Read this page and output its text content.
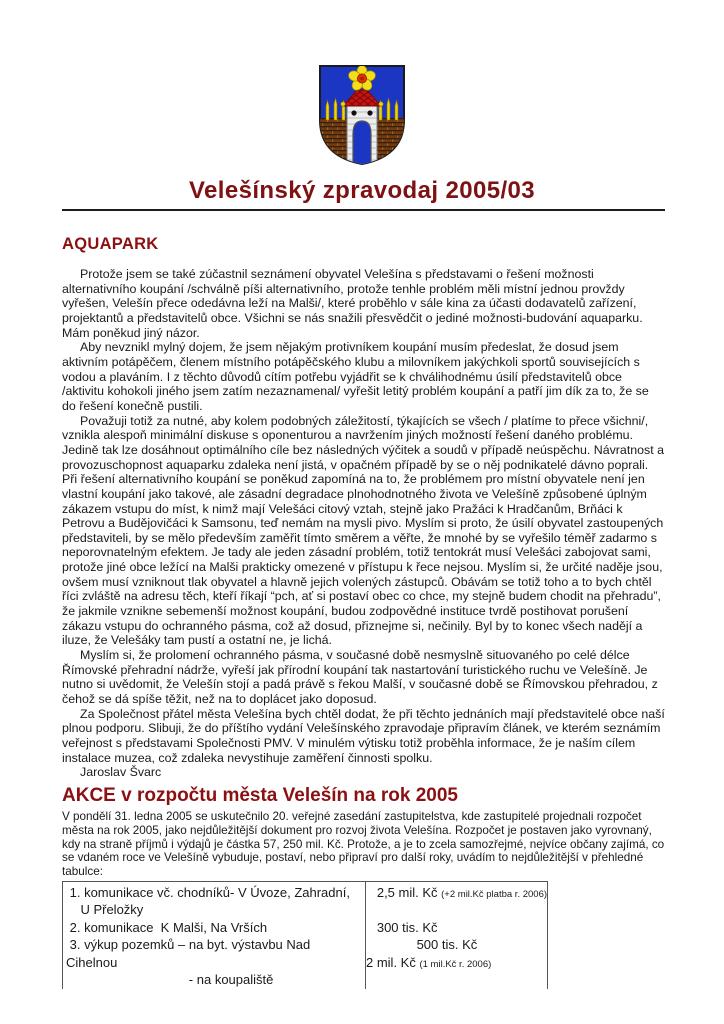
Velešínský zpravodaj 2005/03
AQUAPARK

Protože jsem se také zúčastnil seznámení obyvatel Velešína s představami o řešení možnosti alternativního koupání /schválně píši alternativního, protože tenhle problém měli místní jednou provždy vyřešen, Velešín přece odedávna leží na Malši/, které proběhlo v sále kina za účasti dodavatelů zařízení, projektantů a představitelů obce. Všichni se nás snažili přesvědčit o jediné možnosti-budování aquaparku. Mám poněkud jiný názor.

Aby nevznikl mylný dojem, že jsem nějakým protivníkem koupání musím předeslat, že dosud jsem aktivním potápěčem, členem místního potápěčského klubu a milovníkem jakýchkoli sportů souvisejících s vodou a plaváním. I z těchto důvodů cítím potřebu vyjádřit se k chválihodnému úsilí představitelů obce /aktivitu kohokoli jiného jsem zatím nezaznamenal/ vyřešit letitý problém koupání a patří jim dík za to, že se do řešení konečně pustili.

Považuji totiž za nutné, aby kolem podobných záležitostí, týkajících se všech / platíme to přece všichni/, vznikla alespoň minimální diskuse s oponenturou a navržením jiných možností řešení daného problému. Jedině tak lze dosáhnout optimálního cíle bez následných výčitek a soudů v případě neúspěchu. Návratnost a provozuschopnost aquaparku zdaleka není jistá, v opačném případě by se o něj podnikatelé dávno poprali. Při řešení alternativního koupání se poněkud zapomíná na to, že problémem pro místní obyvatele není jen vlastní koupání jako takové, ale zásadní degradace plnohodnotného života ve Velešíně způsobené úplným zákazem vstupu do míst, k nimž mají Velešáci citový vztah, stejně jako Pražáci k Hradčanům, Brňáci k Petrovu a Budějovičáci k Samsonu, teď nemám na mysli pivo. Myslím si proto, že úsilí obyvatel zastoupených představiteli, by se mělo především zaměřit tímto směrem a věřte, že mnohé by se vyřešilo téměř zadarmo s neporovnatelným efektem. Je tady ale jeden zásadní problém, totiž tentokrát musí Velešáci zabojovat sami, protože jiné obce ležící na Malši prakticky omezené v přístupu k řece nejsou. Myslím si, že určité naděje jsou, ovšem musí vzniknout tlak obyvatel a hlavně jejich volených zástupců. Obávám se totiž toho a to bych chtěl říci zvláště na adresu těch, kteří říkají “pch, ať si postaví obec co chce, my stejně budem chodit na přehradu”, že jakmile vznikne sebemenší možnost koupání, budou zodpovědné instituce tvrdě postihovat porušení zákazu vstupu do ochranného pásma, což až dosud, přiznejme si, nečinily. Byl by to konec všech nadějí a iluze, že Velešáky tam pustí a ostatní ne, je lichá.

Myslím si, že prolomení ochranného pásma, v současné době nesmyslně situovaného po celé délce Římovské přehradní nádrže, vyřeší jak přírodní koupání tak nastartování turistického ruchu ve Velešíně. Je nutno si uvědomit, že Velešín stojí a padá právě s řekou Malší, v současné době se Římovskou přehradou, z čehož se dá spíše těžit, než na to doplácet jako doposud.

Za Společnost přátel města Velešína bych chtěl dodat, že při těchto jednáních mají představitelé obce naší plnou podporu. Slibuji, že do příštího vydání Velešínského zpravodaje připravím článek, ve kterém seznámím veřejnost s představami Společnosti PMV. V minulém výtisku totiž proběhla informace, že je naším cílem instalace muzea, což zdaleka nevystihuje zaměření činnosti spolku.

Jaroslav Švarc

AKCE v rozpočtu města Velešín na rok 2005

V pondělí 31. ledna 2005 se uskutečnilo 20. veřejné zasedání zastupitelstva, kde zastupitelé projednali rozpočet města na rok 2005, jako nejdůležitější dokument pro rozvoj života Velešína. Rozpočet je postaven jako vyrovnaný, kdy na straně příjmů i výdajů je částka 57, 250 mil. Kč. Protože, a je to zcela samozřejmé, nejvíce občany zajímá, co se vdaném roce ve Velešíně vybuduje, postaví, nebo připraví pro další roky, uvádím to nejdůležitější v přehledné tabulce:

1. komunikace vč. chodníků- V Úvoze, Zahradní,
U Přeložky
2. komunikace  K Malši, Na Vrších
3. výkup pozemků – na byt. výstavbu Nad
Cihelnou
- na koupaliště
2,5 mil. Kč (+2 mil.Kč platba r. 2006)
300 tis. Kč
500 tis. Kč
2 mil. Kč (1 mil.Kč r. 2006)
